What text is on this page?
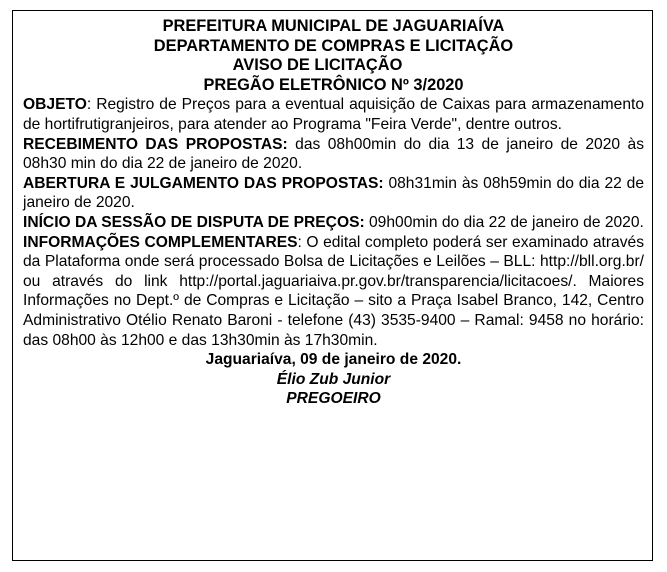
PREFEITURA MUNICIPAL DE JAGUARIAÍVA
DEPARTAMENTO DE COMPRAS E LICITAÇÃO
AVISO DE LICITAÇÃO
PREGÃO ELETRÔNICO Nº 3/2020

OBJETO: Registro de Preços para a eventual aquisição de Caixas para armazenamento de hortifrutigranjeiros, para atender ao Programa "Feira Verde", dentre outros.

RECEBIMENTO DAS PROPOSTAS: das 08h00min do dia 13 de janeiro de 2020 às 08h30 min do dia 22 de janeiro de 2020.

ABERTURA E JULGAMENTO DAS PROPOSTAS: 08h31min às 08h59min do dia 22 de janeiro de 2020.

INÍCIO DA SESSÃO DE DISPUTA DE PREÇOS: 09h00min do dia 22 de janeiro de 2020.

INFORMAÇÕES COMPLEMENTARES: O edital completo poderá ser examinado através da Plataforma onde será processado Bolsa de Licitações e Leilões – BLL: http://bll.org.br/ ou através do link http://portal.jaguariaiva.pr.gov.br/transparencia/licitacoes/. Maiores Informações no Dept.º de Compras e Licitação – sito a Praça Isabel Branco, 142, Centro Administrativo Otélio Renato Baroni - telefone (43) 3535-9400 – Ramal: 9458 no horário: das 08h00 às 12h00 e das 13h30min às 17h30min.

Jaguariaíva, 09 de janeiro de 2020.
Élio Zub Junior
PREGOEIRO
